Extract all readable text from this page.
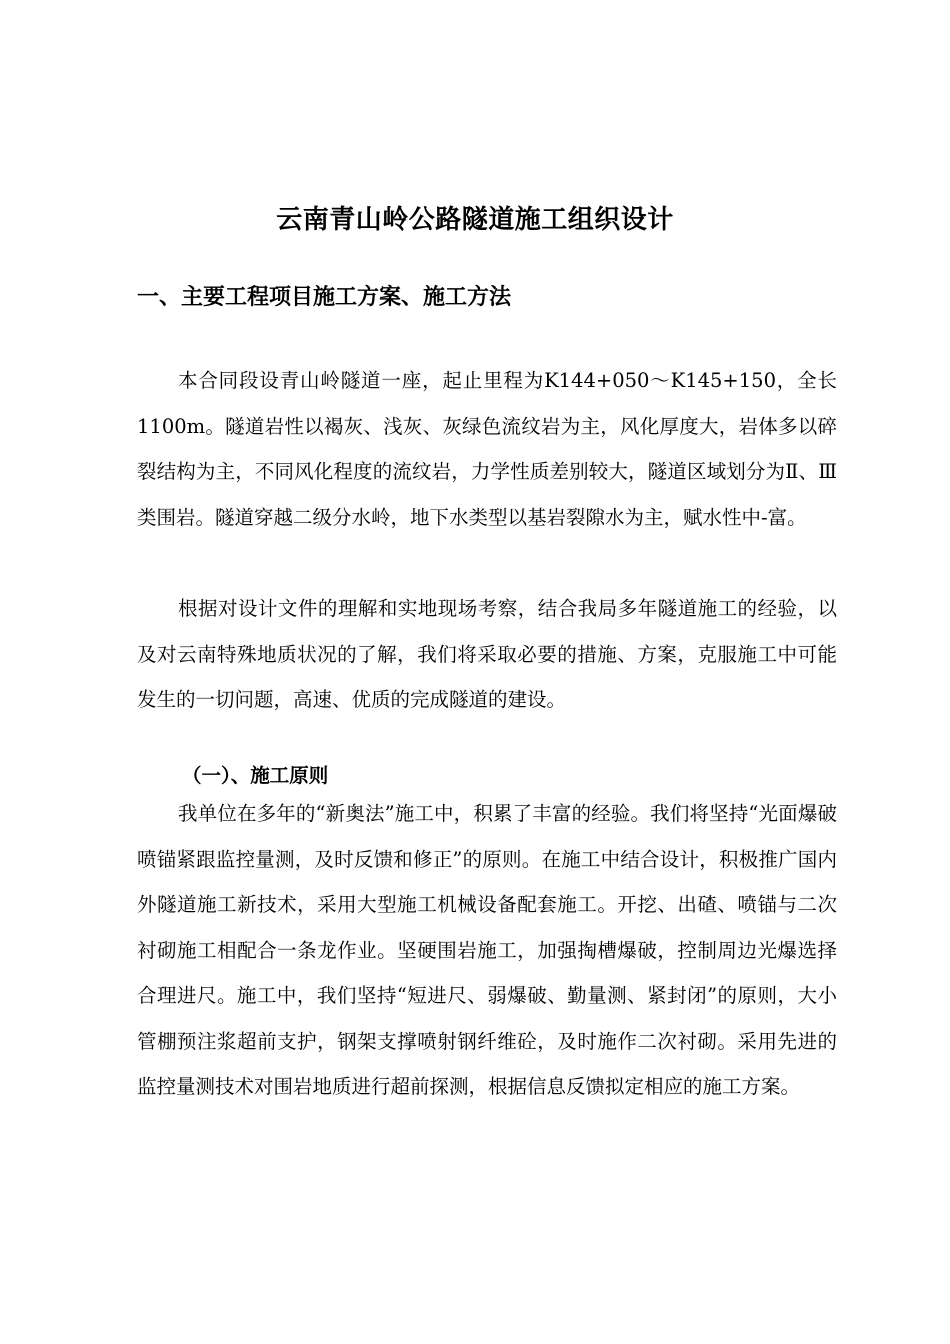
云南青山岭公路隧道施工组织设计
一、主要工程项目施工方案、施工方法
本合同段设青山岭隧道一座，起止里程为K144+050～K145+150，全长1100m。隧道岩性以褐灰、浅灰、灰绿色流纹岩为主，风化厚度大，岩体多以碎裂结构为主，不同风化程度的流纹岩，力学性质差别较大，隧道区域划分为Ⅱ、Ⅲ类围岩。隧道穿越二级分水岭，地下水类型以基岩裂隙水为主，赋水性中-富。
根据对设计文件的理解和实地现场考察，结合我局多年隧道施工的经验，以及对云南特殊地质状况的了解，我们将采取必要的措施、方案，克服施工中可能发生的一切问题，高速、优质的完成隧道的建设。
（一）、施工原则
我单位在多年的“新奥法”施工中，积累了丰富的经验。我们将坚持“光面爆破喷锚紧跟监控量测，及时反馈和修正”的原则。在施工中结合设计，积极推广国内外隧道施工新技术，采用大型施工机械设备配套施工。开挖、出碴、喷锚与二次衬砌施工相配合一条龙作业。坚硬围岩施工，加强掏槽爆破，控制周边光爆选择合理进尺。施工中，我们坚持“短进尺、弱爆破、勤量测、紧封闭”的原则，大小管棚预注浆超前支护，钢架支撑喷射钢纤维砼，及时施作二次衬砌。采用先进的监控量测技术对围岩地质进行超前探测，根据信息反馈拟定相应的施工方案。
